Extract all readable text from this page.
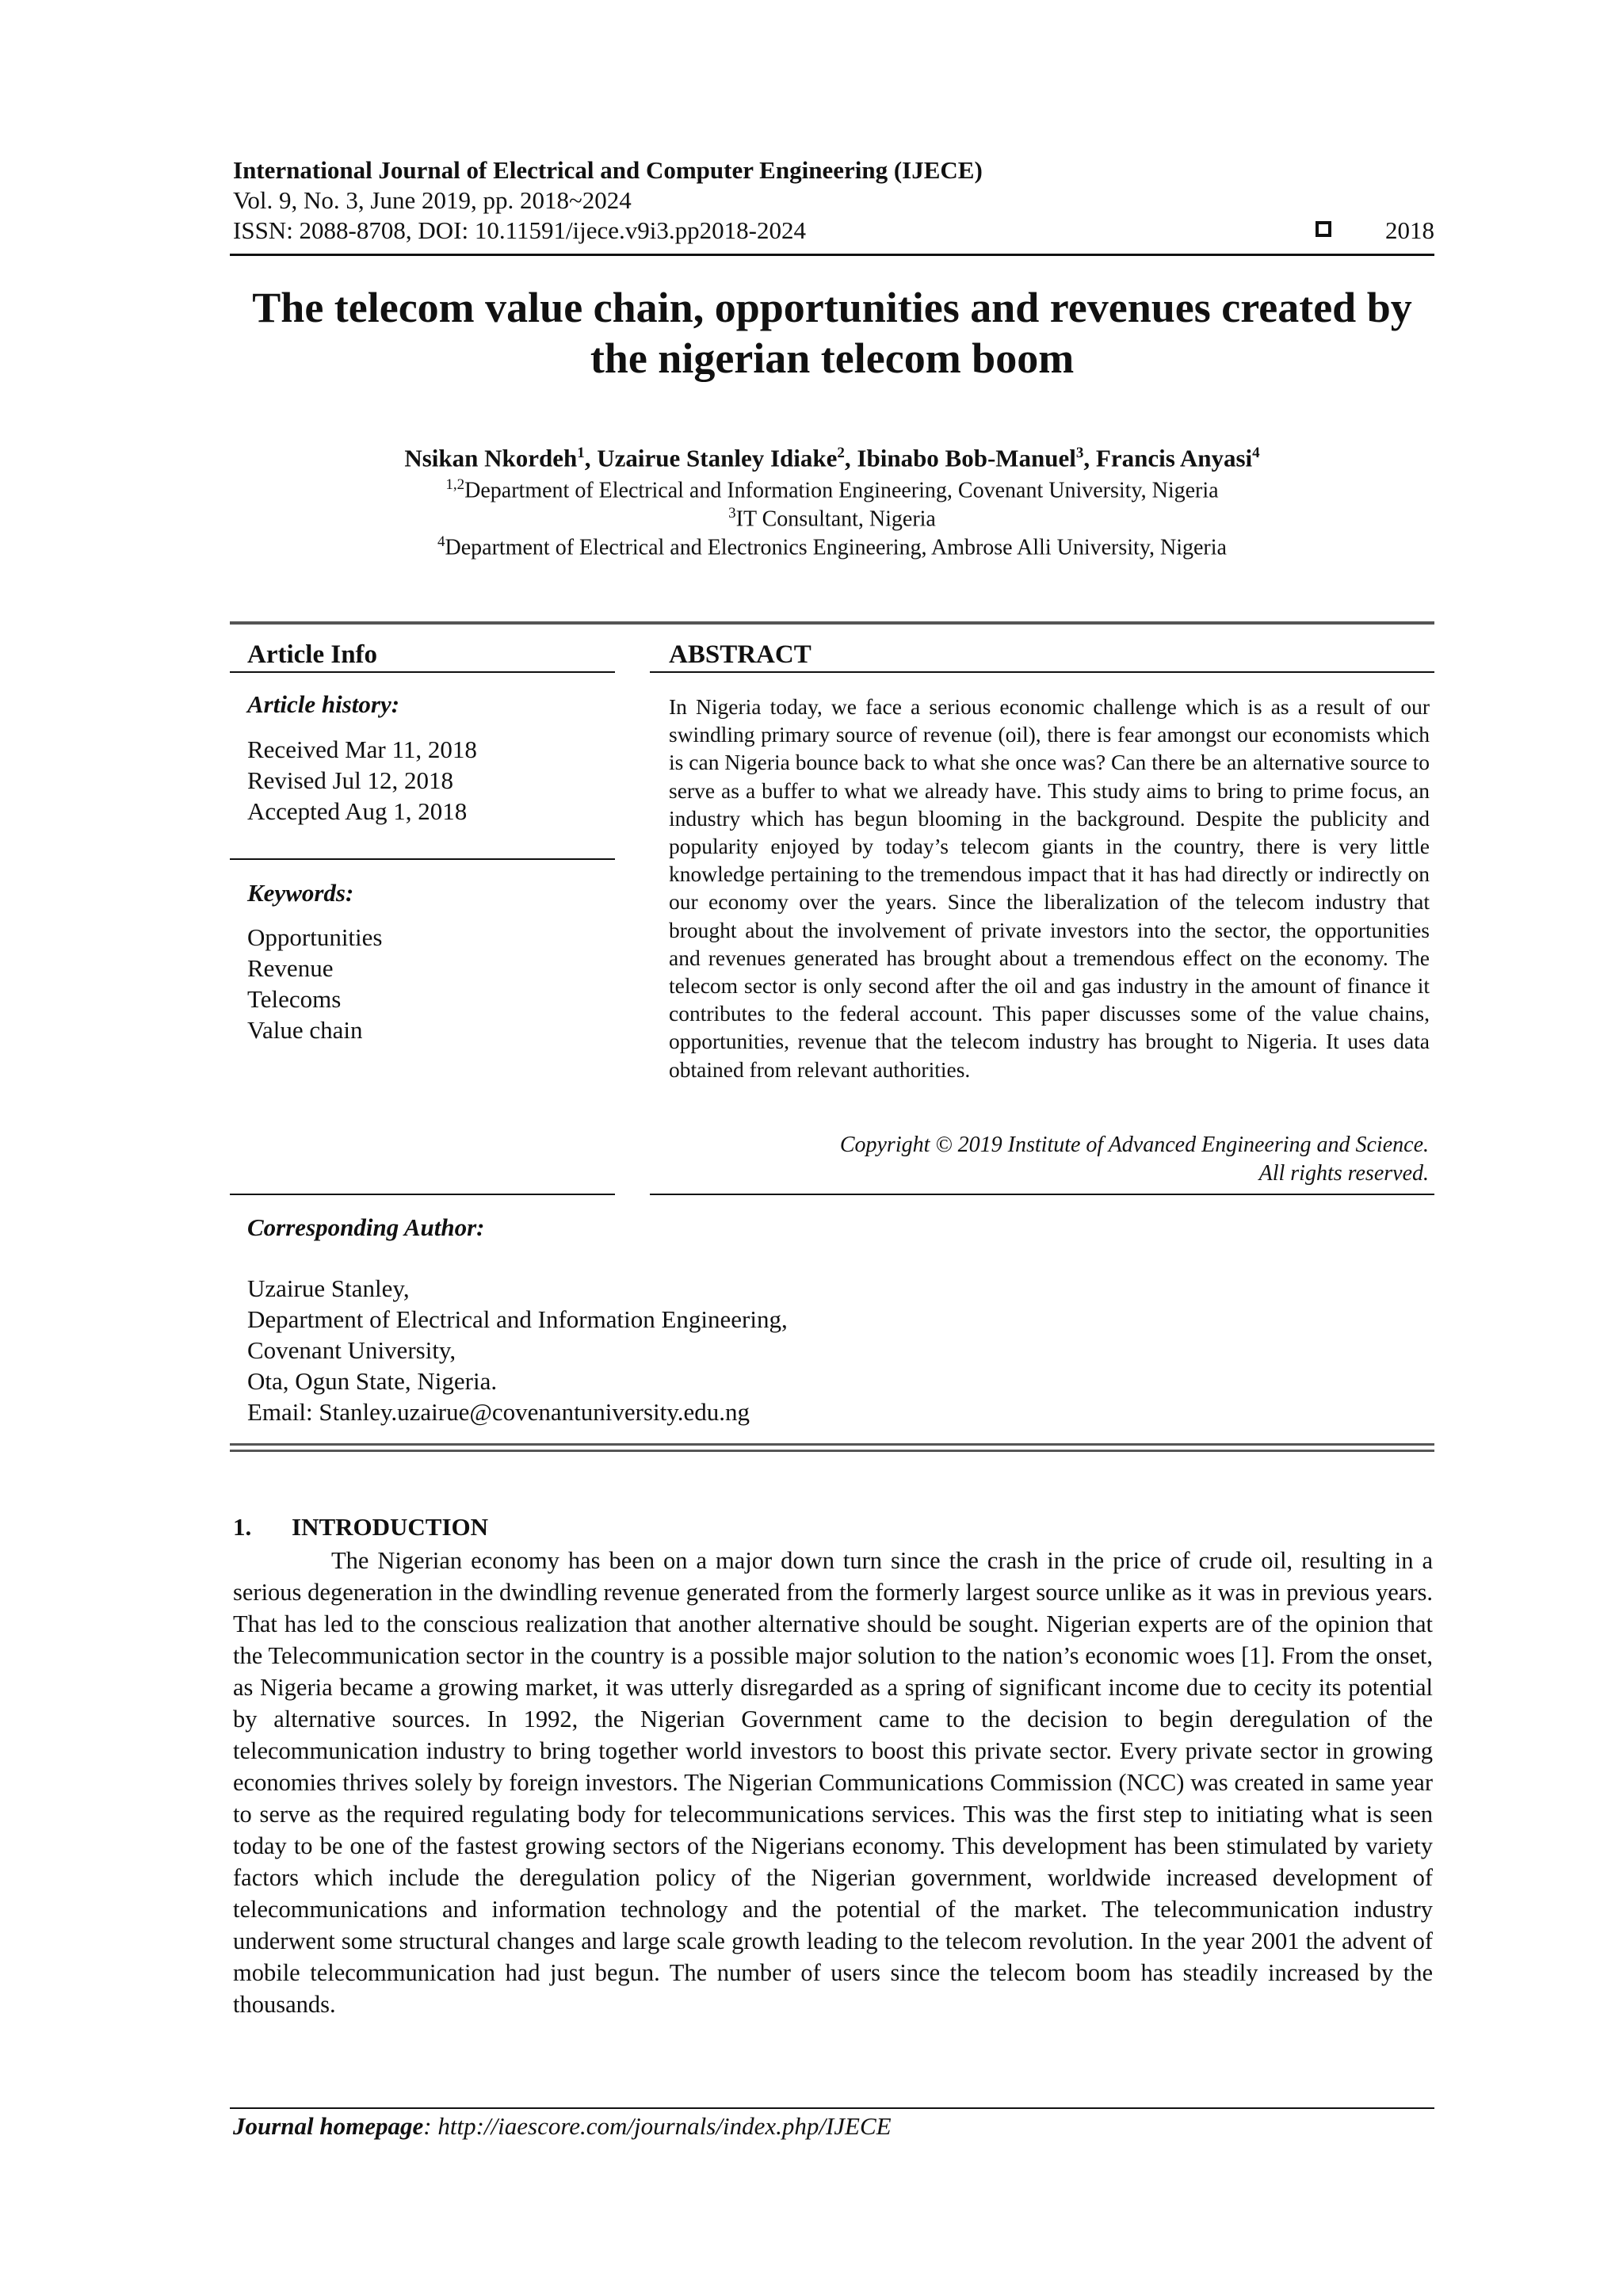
International Journal of Electrical and Computer Engineering (IJECE)
Vol. 9, No. 3, June 2019, pp. 2018~2024
ISSN: 2088-8708, DOI: 10.11591/ijece.v9i3.pp2018-2024	2018
The telecom value chain, opportunities and revenues created by
the nigerian telecom boom
Nsikan Nkordeh$^1$, Uzairue Stanley Idiake$^2$, Ibinabo Bob-Manuel$^3$, Francis Anyasi$^4$
$^{1,2}$Department of Electrical and Information Engineering, Covenant University, Nigeria
$^3$IT Consultant, Nigeria
$^4$Department of Electrical and Electronics Engineering, Ambrose Alli University, Nigeria
Article Info	ABSTRACT
Article history:
Received Mar 11, 2018
Revised Jul 12, 2018
Accepted Aug 1, 2018
Keywords:
Opportunities
Revenue
Telecoms
Value chain

In Nigeria today, we face a serious economic challenge which is as a result of our swindling primary source of revenue (oil), there is fear amongst our economists which is can Nigeria bounce back to what she once was? Can there be an alternative source to serve as a buffer to what we already have. This study aims to bring to prime focus, an industry which has begun blooming in the background. Despite the publicity and popularity enjoyed by today’s telecom giants in the country, there is very little knowledge pertaining to the tremendous impact that it has had directly or indirectly on our economy over the years. Since the liberalization of the telecom industry that brought about the involvement of private investors into the sector, the opportunities and revenues generated has brought about a tremendous effect on the economy. The telecom sector is only second after the oil and gas industry in the amount of finance it contributes to the federal account. This paper discusses some of the value chains, opportunities, revenue that the telecom industry has brought to Nigeria. It uses data obtained from relevant authorities.

Copyright © 2019 Institute of Advanced Engineering and Science.
All rights reserved.
Corresponding Author:
Uzairue Stanley,
Department of Electrical and Information Engineering,
Covenant University,
Ota, Ogun State, Nigeria.
Email: Stanley.uzairue@covenantuniversity.edu.ng
1. INTRODUCTION

The Nigerian economy has been on a major down turn since the crash in the price of crude oil, resulting in a serious degeneration in the dwindling revenue generated from the formerly largest source unlike as it was in previous years. That has led to the conscious realization that another alternative should be sought. Nigerian experts are of the opinion that the Telecommunication sector in the country is a possible major solution to the nation’s economic woes [1]. From the onset, as Nigeria became a growing market, it was utterly disregarded as a spring of significant income due to cecity its potential by alternative sources. In 1992, the Nigerian Government came to the decision to begin deregulation of the telecommunication industry to bring together world investors to boost this private sector. Every private sector in growing economies thrives solely by foreign investors. The Nigerian Communications Commission (NCC) was created in same year to serve as the required regulating body for telecommunications services. This was the first step to initiating what is seen today to be one of the fastest growing sectors of the Nigerians economy. This development has been stimulated by variety factors which include the deregulation policy of the Nigerian government, worldwide increased development of telecommunications and information technology and the potential of the market. The telecommunication industry underwent some structural changes and large scale growth leading to the telecom revolution. In the year 2001 the advent of mobile telecommunication had just begun. The number of users since the telecom boom has steadily increased by the thousands.

Journal homepage: http://iaescore.com/journals/index.php/IJECE
